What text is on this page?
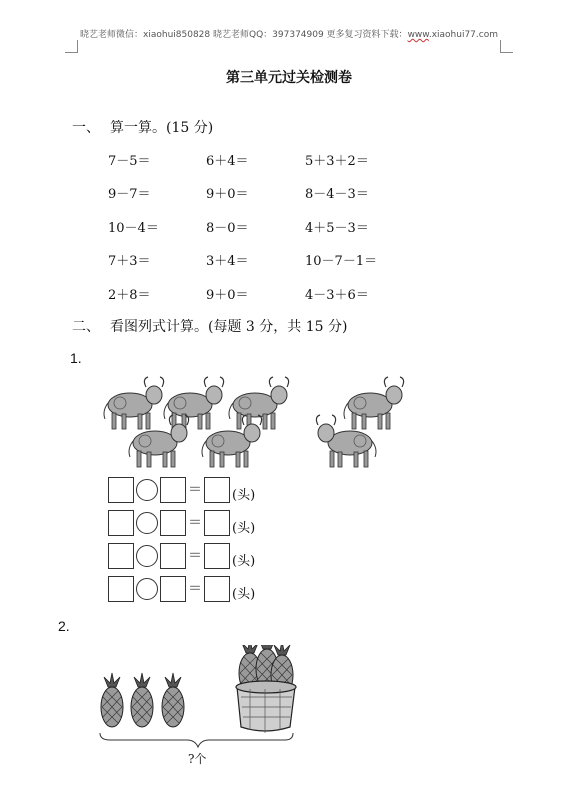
晓艺老师微信：xiaohui850828 晓艺老师QQ：397374909 更多复习资料下载：www.xiaohui77.com
第三单元过关检测卷
一、 算一算。(15 分)
7－5＝	6＋4＝	5＋3＋2＝
9－7＝	9＋0＝	8－4－3＝
10－4＝	8－0＝	4＋5－3＝
7＋3＝	3＋4＝	10－7－1＝
2＋8＝	9＋0＝	4－3＋6＝
二、 看图列式计算。(每题 3 分，共 15 分)
1.
＝ (头)
＝ (头)
＝ (头)
＝ (头)
2.
?个
